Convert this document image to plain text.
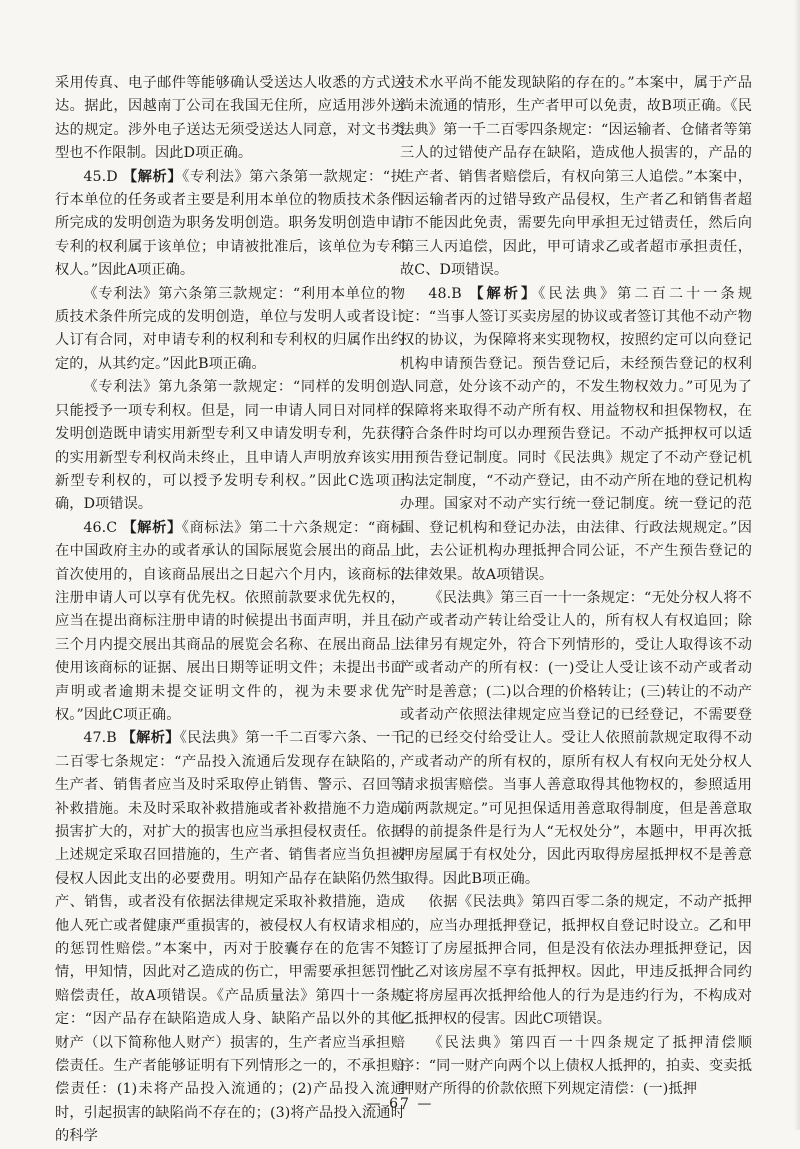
采用传真、电子邮件等能够确认受送达人收悉的方式送达。据此，因越南丁公司在我国无住所，应适用涉外送达的规定。涉外电子送达无须受送达人同意，对文书类型也不作限制。因此D项正确。

45.D 【解析】《专利法》第六条第一款规定：“执行本单位的任务或者主要是利用本单位的物质技术条件所完成的发明创造为职务发明创造。职务发明创造申请专利的权利属于该单位；申请被批准后，该单位为专利权人。”因此A项正确。

《专利法》第六条第三款规定：“利用本单位的物质技术条件所完成的发明创造，单位与发明人或者设计人订有合同，对申请专利的权利和专利权的归属作出约定的，从其约定。”因此B项正确。

《专利法》第九条第一款规定：“同样的发明创造只能授予一项专利权。但是，同一申请人同日对同样的发明创造既申请实用新型专利又申请发明专利，先获得的实用新型专利权尚未终止，且申请人声明放弃该实用新型专利权的，可以授予发明专利权。”因此C选项正确，D项错误。

46.C 【解析】《商标法》第二十六条规定：“商标在中国政府主办的或者承认的国际展览会展出的商品上首次使用的，自该商品展出之日起六个月内，该商标的注册申请人可以享有优先权。依照前款要求优先权的，应当在提出商标注册申请的时候提出书面声明，并且在三个月内提交展出其商品的展览会名称、在展出商品上使用该商标的证据、展出日期等证明文件；未提出书面声明或者逾期未提交证明文件的，视为未要求优先权。”因此C项正确。

47.B 【解析】《民法典》第一千二百零六条、一千二百零七条规定：“产品投入流通后发现存在缺陷的，生产者、销售者应当及时采取停止销售、警示、召回等补救措施。未及时采取补救措施或者补救措施不力造成损害扩大的，对扩大的损害也应当承担侵权责任。依据上述规定采取召回措施的，生产者、销售者应当负担被侵权人因此支出的必要费用。明知产品存在缺陷仍然生产、销售，或者没有依据法律规定采取补救措施，造成他人死亡或者健康严重损害的，被侵权人有权请求相应的惩罚性赔偿。”本案中，丙对于胶囊存在的危害不知情，甲知情，因此对乙造成的伤亡，甲需要承担惩罚性赔偿责任，故A项错误。《产品质量法》第四十一条规定：“因产品存在缺陷造成人身、缺陷产品以外的其他财产（以下简称他人财产）损害的，生产者应当承担赔偿责任。生产者能够证明有下列情形之一的，不承担赔偿责任：(1)未将产品投入流通的；(2)产品投入流通时，引起损害的缺陷尚不存在的；(3)将产品投入流通时的科学

技术水平尚不能发现缺陷的存在的。”本案中，属于产品尚未流通的情形，生产者甲可以免责，故B项正确。《民法典》第一千二百零四条规定：“因运输者、仓储者等第三人的过错使产品存在缺陷，造成他人损害的，产品的生产者、销售者赔偿后，有权向第三人追偿。”本案中，因运输者丙的过错导致产品侵权，生产者乙和销售者超市不能因此免责，需要先向甲承担无过错责任，然后向第三人丙追偿，因此，甲可请求乙或者超市承担责任，故C、D项错误。

48.B 【解析】《民法典》第二百二十一条规定：“当事人签订买卖房屋的协议或者签订其他不动产物权的协议，为保障将来实现物权，按照约定可以向登记机构申请预告登记。预告登记后，未经预告登记的权利人同意，处分该不动产的，不发生物权效力。”可见为了保障将来取得不动产所有权、用益物权和担保物权，在符合条件时均可以办理预告登记。不动产抵押权可以适用预告登记制度。同时《民法典》规定了不动产登记机构法定制度，“不动产登记，由不动产所在地的登记机构办理。国家对不动产实行统一登记制度。统一登记的范围、登记机构和登记办法，由法律、行政法规规定。”因此，去公证机构办理抵押合同公证，不产生预告登记的法律效果。故A项错误。

《民法典》第三百一十一条规定：“无处分权人将不动产或者动产转让给受让人的，所有权人有权追回；除法律另有规定外，符合下列情形的，受让人取得该不动产或者动产的所有权：(一)受让人受让该不动产或者动产时是善意；(二)以合理的价格转让；(三)转让的不动产或者动产依照法律规定应当登记的已经登记，不需要登记的已经交付给受让人。受让人依照前款规定取得不动产或者动产的所有权的，原所有权人有权向无处分权人请求损害赔偿。当事人善意取得其他物权的，参照适用前两款规定。”可见担保适用善意取得制度，但是善意取得的前提条件是行为人“无权处分”，本题中，甲再次抵押房屋属于有权处分，因此丙取得房屋抵押权不是善意取得。因此B项正确。

依据《民法典》第四百零二条的规定，不动产抵押的，应当办理抵押登记，抵押权自登记时设立。乙和甲签订了房屋抵押合同，但是没有依法办理抵押登记，因此乙对该房屋不享有抵押权。因此，甲违反抵押合同约定将房屋再次抵押给他人的行为是违约行为，不构成对乙抵押权的侵害。因此C项错误。

《民法典》第四百一十四条规定了抵押清偿顺序：“同一财产向两个以上债权人抵押的，拍卖、变卖抵押财产所得的价款依照下列规定清偿：(一)抵押

— 67 —
